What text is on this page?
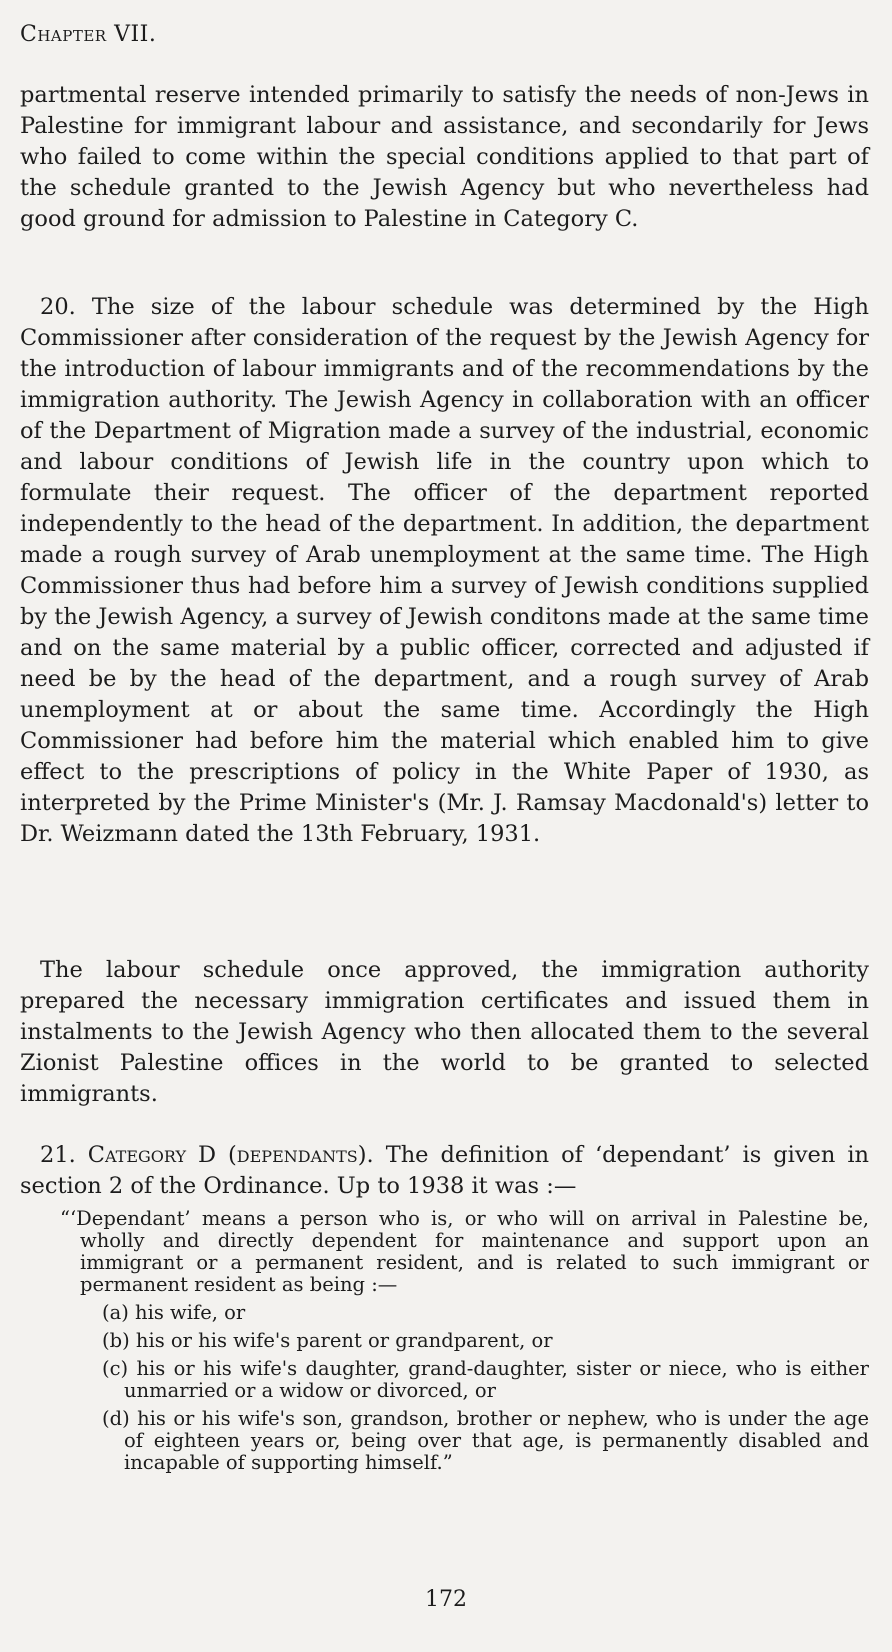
Chapter VII.

partmental reserve intended primarily to satisfy the needs of non-Jews in Palestine for immigrant labour and assistance, and secondarily for Jews who failed to come within the special conditions applied to that part of the schedule granted to the Jewish Agency but who nevertheless had good ground for admission to Palestine in Category C.

20. The size of the labour schedule was determined by the High Commissioner after consideration of the request by the Jewish Agency for the introduction of labour immigrants and of the recommendations by the immigration authority. The Jewish Agency in collaboration with an officer of the Department of Migration made a survey of the industrial, economic and labour conditions of Jewish life in the country upon which to formulate their request. The officer of the department reported independently to the head of the department. In addition, the department made a rough survey of Arab unemployment at the same time. The High Commissioner thus had before him a survey of Jewish conditions supplied by the Jewish Agency, a survey of Jewish conditons made at the same time and on the same material by a public officer, corrected and adjusted if need be by the head of the department, and a rough survey of Arab unemployment at or about the same time. Accordingly the High Commissioner had before him the material which enabled him to give effect to the prescriptions of policy in the White Paper of 1930, as interpreted by the Prime Minister's (Mr. J. Ramsay Macdonald's) letter to Dr. Weizmann dated the 13th February, 1931.

The labour schedule once approved, the immigration authority prepared the necessary immigration certificates and issued them in instalments to the Jewish Agency who then allocated them to the several Zionist Palestine offices in the world to be granted to selected immigrants.

21. Category D (dependants). The definition of ‘dependant’ is given in section 2 of the Ordinance. Up to 1938 it was :—

“‘Dependant’ means a person who is, or who will on arrival in Palestine be, wholly and directly dependent for maintenance and support upon an immigrant or a permanent resident, and is related to such immigrant or permanent resident as being :—

(a) his wife, or

(b) his or his wife's parent or grandparent, or

(c) his or his wife's daughter, grand-daughter, sister or niece, who is either unmarried or a widow or divorced, or

(d) his or his wife's son, grandson, brother or nephew, who is under the age of eighteen years or, being over that age, is permanently disabled and incapable of supporting himself.”

172
